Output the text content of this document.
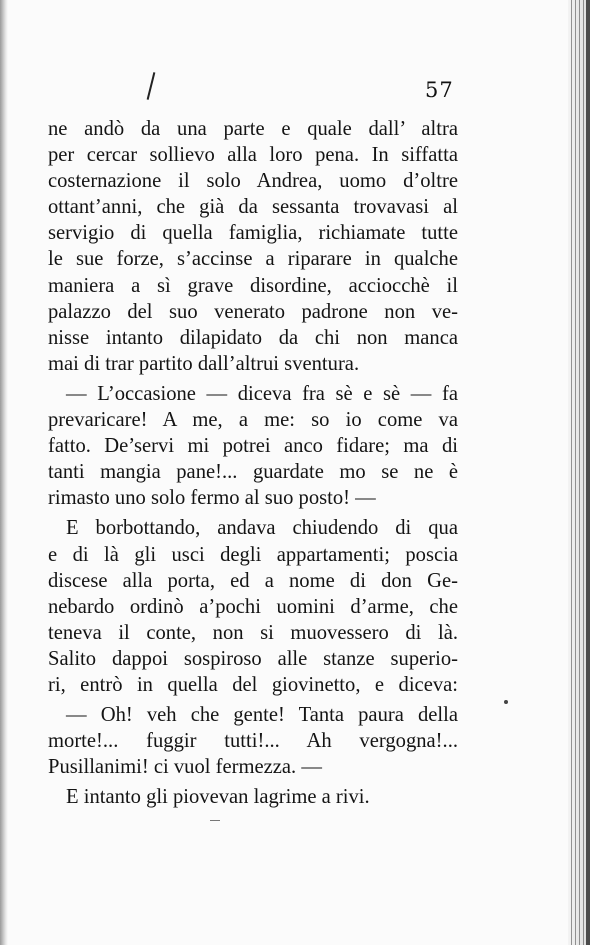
57
ne andò da una parte e quale dall’ altra
per cercar sollievo alla loro pena. In siffatta
costernazione il solo Andrea, uomo d’oltre
ottant’anni, che già da sessanta trovavasi al
servigio di quella famiglia, richiamate tutte
le sue forze, s’accinse a riparare in qualche
maniera a sì grave disordine, acciocchè il
palazzo del suo venerato padrone non ve-
nisse intanto dilapidato da chi non manca
mai di trar partito dall’altrui sventura.
— L’occasione — diceva fra sè e sè — fa
prevaricare! A me, a me: so io come va
fatto. De’servi mi potrei anco fidare; ma di
tanti mangia pane!... guardate mo se ne è
rimasto uno solo fermo al suo posto! —
E borbottando, andava chiudendo di qua
e di là gli usci degli appartamenti; poscia
discese alla porta, ed a nome di don Ge-
nebardo ordinò a’pochi uomini d’arme, che
teneva il conte, non si muovessero di là.
Salito dappoi sospiroso alle stanze superio-
ri, entrò in quella del giovinetto, e diceva:
— Oh! veh che gente! Tanta paura della
morte!... fuggir tutti!... Ah vergogna!...
Pusillanimi! ci vuol fermezza. —
E intanto gli piovevan lagrime a rivi.
